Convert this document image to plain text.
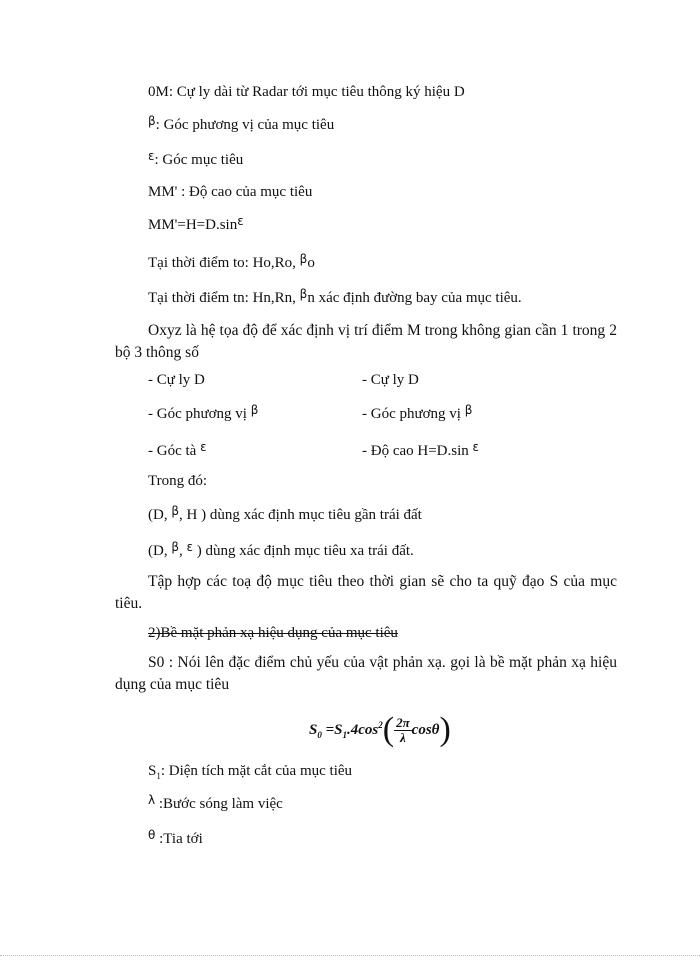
0M: Cự ly dài từ Radar tới mục tiêu thông ký hiệu D
$^\beta$: Góc phương vị của mục tiêu
$^\varepsilon$: Góc mục tiêu
MM' : Độ cao của mục tiêu
$MM'=H=D.\sin^\varepsilon$
Tại thời điểm to: Ho,Ro, $^\beta$o
Tại thời điểm tn: Hn,Rn, $^\beta$n xác định đường bay của mục tiêu.

Oxyz là hệ tọa độ để xác định vị trí điểm M trong không gian cần 1 trong 2 bộ 3 thông số

- Cự ly D	- Cự ly D
- Góc phương vị $^\beta$	- Góc phương vị $^\beta$
- Góc tà $^\varepsilon$	- Độ cao H=D.sin $^\varepsilon$
Trong đó:
(D, $^\beta$, H ) dùng xác định mục tiêu gần trái đất
(D, $^\beta$, $^\varepsilon$ ) dùng xác định mục tiêu xa trái đất.

Tập hợp các toạ độ mục tiêu theo thời gian sẽ cho ta quỹ đạo S của mục tiêu.

2)Bề mặt phản xạ hiệu dụng của mục tiêu

S0 : Nói lên đặc điểm chủ yếu của vật phản xạ. gọi là bề mặt phản xạ hiệu dụng của mục tiêu

$S_0 =S_1.4\cos^2( \frac{2\pi}{\lambda} \cos\theta)$
$S_1$: Diện tích mặt cắt của mục tiêu
$^\lambda$ :Bước sóng làm việc
$^\theta$ :Tia tới
